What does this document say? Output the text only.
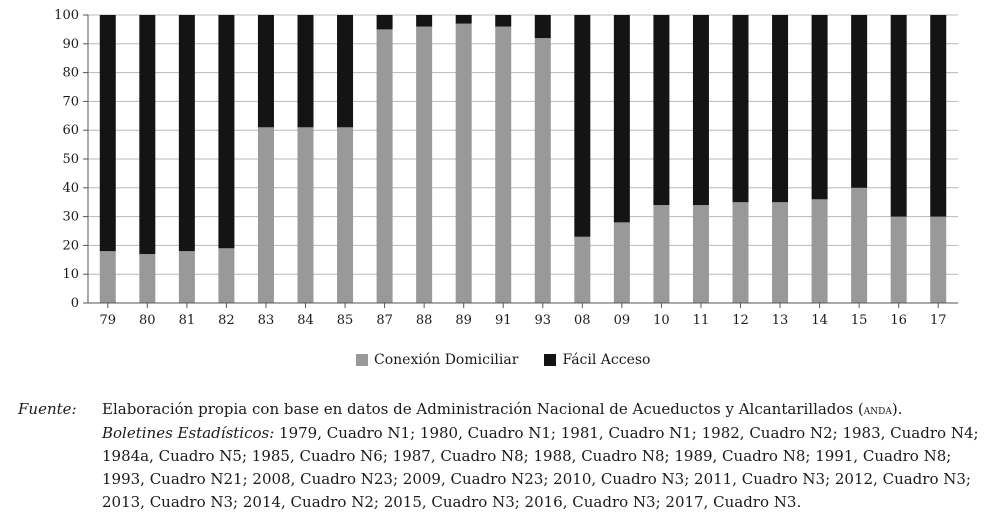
0
10
20
30
40
50
60
70
80
90
100
79 80 81 82 83 84 85 87 88 89 91 93 08 09 10 11 12 13 14 15 16 17
Conexión Domiciliar	Fácil Acceso
Fuente: Elaboración propia con base en datos de Administración Nacional de Acueductos y Alcantarillados (anda).

Boletines Estadísticos: 1979, Cuadro N1; 1980, Cuadro N1; 1981, Cuadro N1; 1982, Cuadro N2; 1983, Cuadro N4; 1984a, Cuadro N5; 1985, Cuadro N6; 1987, Cuadro N8; 1988, Cuadro N8; 1989, Cuadro N8; 1991, Cuadro N8; 1993, Cuadro N21; 2008, Cuadro N23; 2009, Cuadro N23; 2010, Cuadro N3; 2011, Cuadro N3; 2012, Cuadro N3; 2013, Cuadro N3; 2014, Cuadro N2; 2015, Cuadro N3; 2016, Cuadro N3; 2017, Cuadro N3.
